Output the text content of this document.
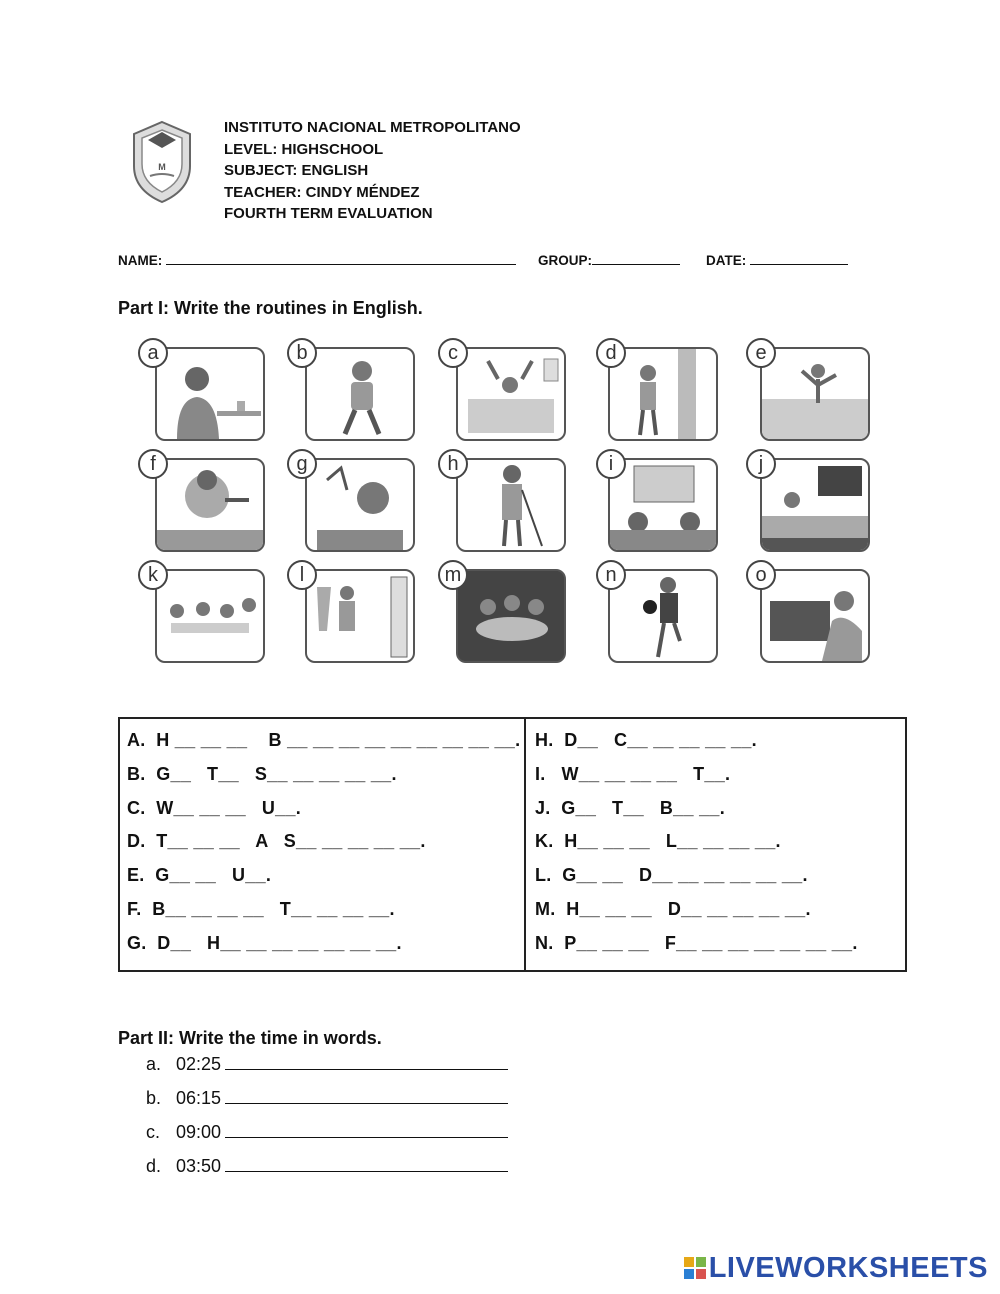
M
INSTITUTO NACIONAL METROPOLITANO
LEVEL: HIGHSCHOOL
SUBJECT: ENGLISH
TEACHER: CINDY MÉNDEZ
FOURTH TERM EVALUATION
NAME:	GROUP:	DATE:
Part I: Write the routines in English.
a	b	c	d	e
f	g	h	i	j
k	l	m	n	o
A.  H __ __ __    B __ __ __ __ __ __ __ __ __.
B.  G__   T__   S__ __ __ __ __.
C.  W__ __ __   U__.
D.  T__ __ __   A   S__ __ __ __ __.
E.  G__ __   U__.
F.  B__ __ __ __   T__ __ __ __.
G.  D__   H__ __ __ __ __ __ __.
H.  D__   C__ __ __ __ __.
I.   W__ __ __ __   T__.
J.  G__   T__   B__ __.
K.  H__ __ __   L__ __ __ __.
L.  G__ __   D__ __ __ __ __ __.
M.  H__ __ __   D__ __ __ __ __.
N.  P__ __ __   F__ __ __ __ __ __ __.
Part II: Write the time in words.
a. 02:25
b. 06:15
c. 09:00
d. 03:50
LIVEWORKSHEETS
